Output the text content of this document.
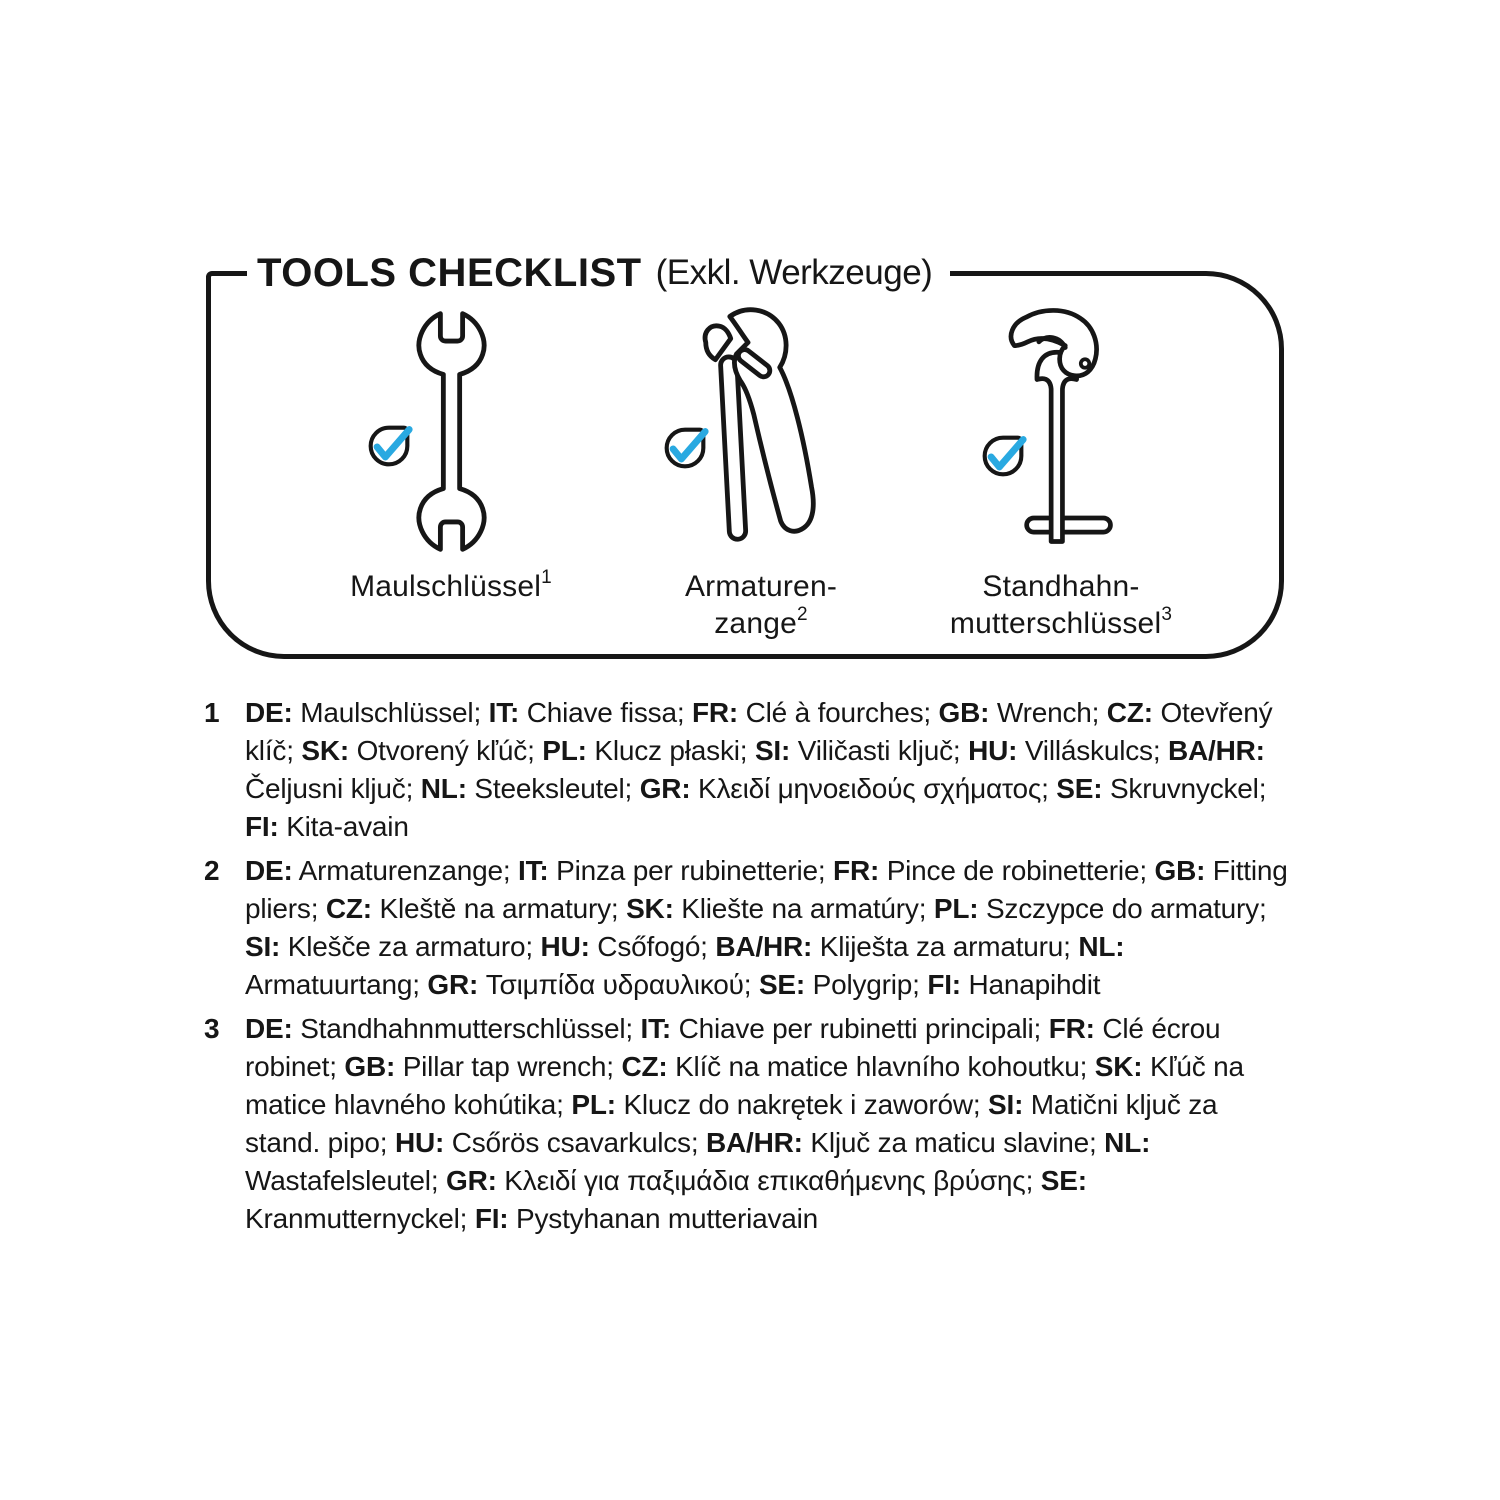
TOOLS CHECKLIST (Exkl. Werkzeuge)
Maulschlüssel$^1$	Armaturen-
zange$^2$
Standhahn-
mutterschlüssel$^3$
1 DE: Maulschlüssel; IT: Chiave fissa; FR: Clé à fourches; GB: Wrench; CZ: Otevřený klíč; SK: Otvorený kľúč; PL: Klucz płaski; SI: Viličasti ključ; HU: Villáskulcs; BA/HR: Čeljusni ključ; NL: Steeksleutel; GR: Κλειδί μηνοειδούς σχήματος; SE: Skruvnyckel; FI: Kita-avain
2 DE: Armaturenzange; IT: Pinza per rubinetterie; FR: Pince de robinetterie; GB: Fitting pliers; CZ: Kleště na armatury; SK: Kliešte na armatúry; PL: Szczypce do armatury; SI: Klešče za armaturo; HU: Csőfogó; BA/HR: Kliješta za armaturu; NL: Armatuurtang; GR: Τσιμπίδα υδραυλικού; SE: Polygrip; FI: Hanapihdit
3 DE: Standhahnmutterschlüssel; IT: Chiave per rubinetti principali; FR: Clé écrou robinet; GB: Pillar tap wrench; CZ: Klíč na matice hlavního kohoutku; SK: Kľúč na matice hlavného kohútika; PL: Klucz do nakrętek i zaworów; SI: Matični ključ za stand. pipo; HU: Csőrös csavarkulcs; BA/HR: Ključ za maticu slavine; NL: Wastafelsleutel; GR: Κλειδί για παξιμάδια επικαθήμενης βρύσης; SE: Kranmutternyckel; FI: Pystyhanan mutteriavain
